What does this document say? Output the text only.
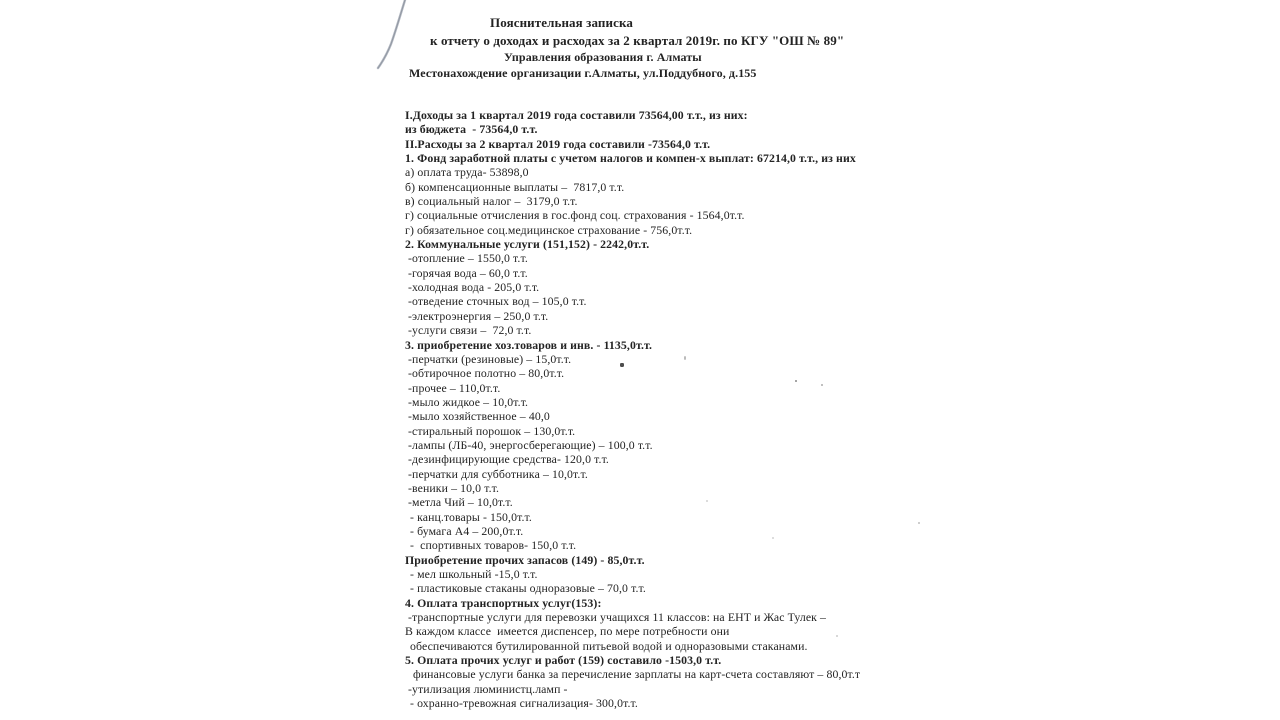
Пояснительная записка
к отчету о доходах и расходах за 2 квартал 2019г. по КГУ "ОШ № 89"
Управления образования г. Алматы
Местонахождение организации г.Алматы, ул.Поддубного, д.155
I.Доходы за 1 квартал 2019 года составили 73564,00 т.т., из них:
из бюджета  - 73564,0 т.т.
II.Расходы за 2 квартал 2019 года составили -73564,0 т.т.
1. Фонд заработной платы с учетом налогов и компен-х выплат: 67214,0 т.т., из них
а) оплата труда- 53898,0
б) компенсационные выплаты –  7817,0 т.т.
в) социальный налог –  3179,0 т.т.
г) социальные отчисления в гос.фонд соц. страхования - 1564,0т.т.
г) обязательное соц.медицинское страхование - 756,0т.т.
2. Коммунальные услуги (151,152) - 2242,0т.т.
-отопление – 1550,0 т.т.
-горячая вода – 60,0 т.т.
-холодная вода - 205,0 т.т.
-отведение сточных вод – 105,0 т.т.
-электроэнергия – 250,0 т.т.
-услуги связи –  72,0 т.т.
3. приобретение хоз.товаров и инв. - 1135,0т.т.
-перчатки (резиновые) – 15,0т.т.
-обтирочное полотно – 80,0т.т.
-прочее – 110,0т.т.
-мыло жидкое – 10,0т.т.
-мыло хозяйственное – 40,0
-стиральный порошок – 130,0т.т.
-лампы (ЛБ-40, энергосберегающие) – 100,0 т.т.
-дезинфицирующие средства- 120,0 т.т.
-перчатки для субботника – 10,0т.т.
-веники – 10,0 т.т.
-метла Чий – 10,0т.т.
- канц.товары - 150,0т.т.
- бумага А4 – 200,0т.т.
-  спортивных товаров- 150,0 т.т.
Приобретение прочих запасов (149) - 85,0т.т.
- мел школьный -15,0 т.т.
- пластиковые стаканы одноразовые – 70,0 т.т.
4. Оплата транспортных услуг(153):
-транспортные услуги для перевозки учащихся 11 классов: на ЕНТ и Жас Тулек –
В каждом классе  имеется диспенсер, по мере потребности они
обеспечиваются бутилированной питьевой водой и одноразовыми стаканами.
5. Оплата прочих услуг и работ (159) составило -1503,0 т.т.
финансовые услуги банка за перечисление зарплаты на карт-счета составляют – 80,0т.т
-утилизация люминистц.ламп -
- охранно-тревожная сигнализация- 300,0т.т.
